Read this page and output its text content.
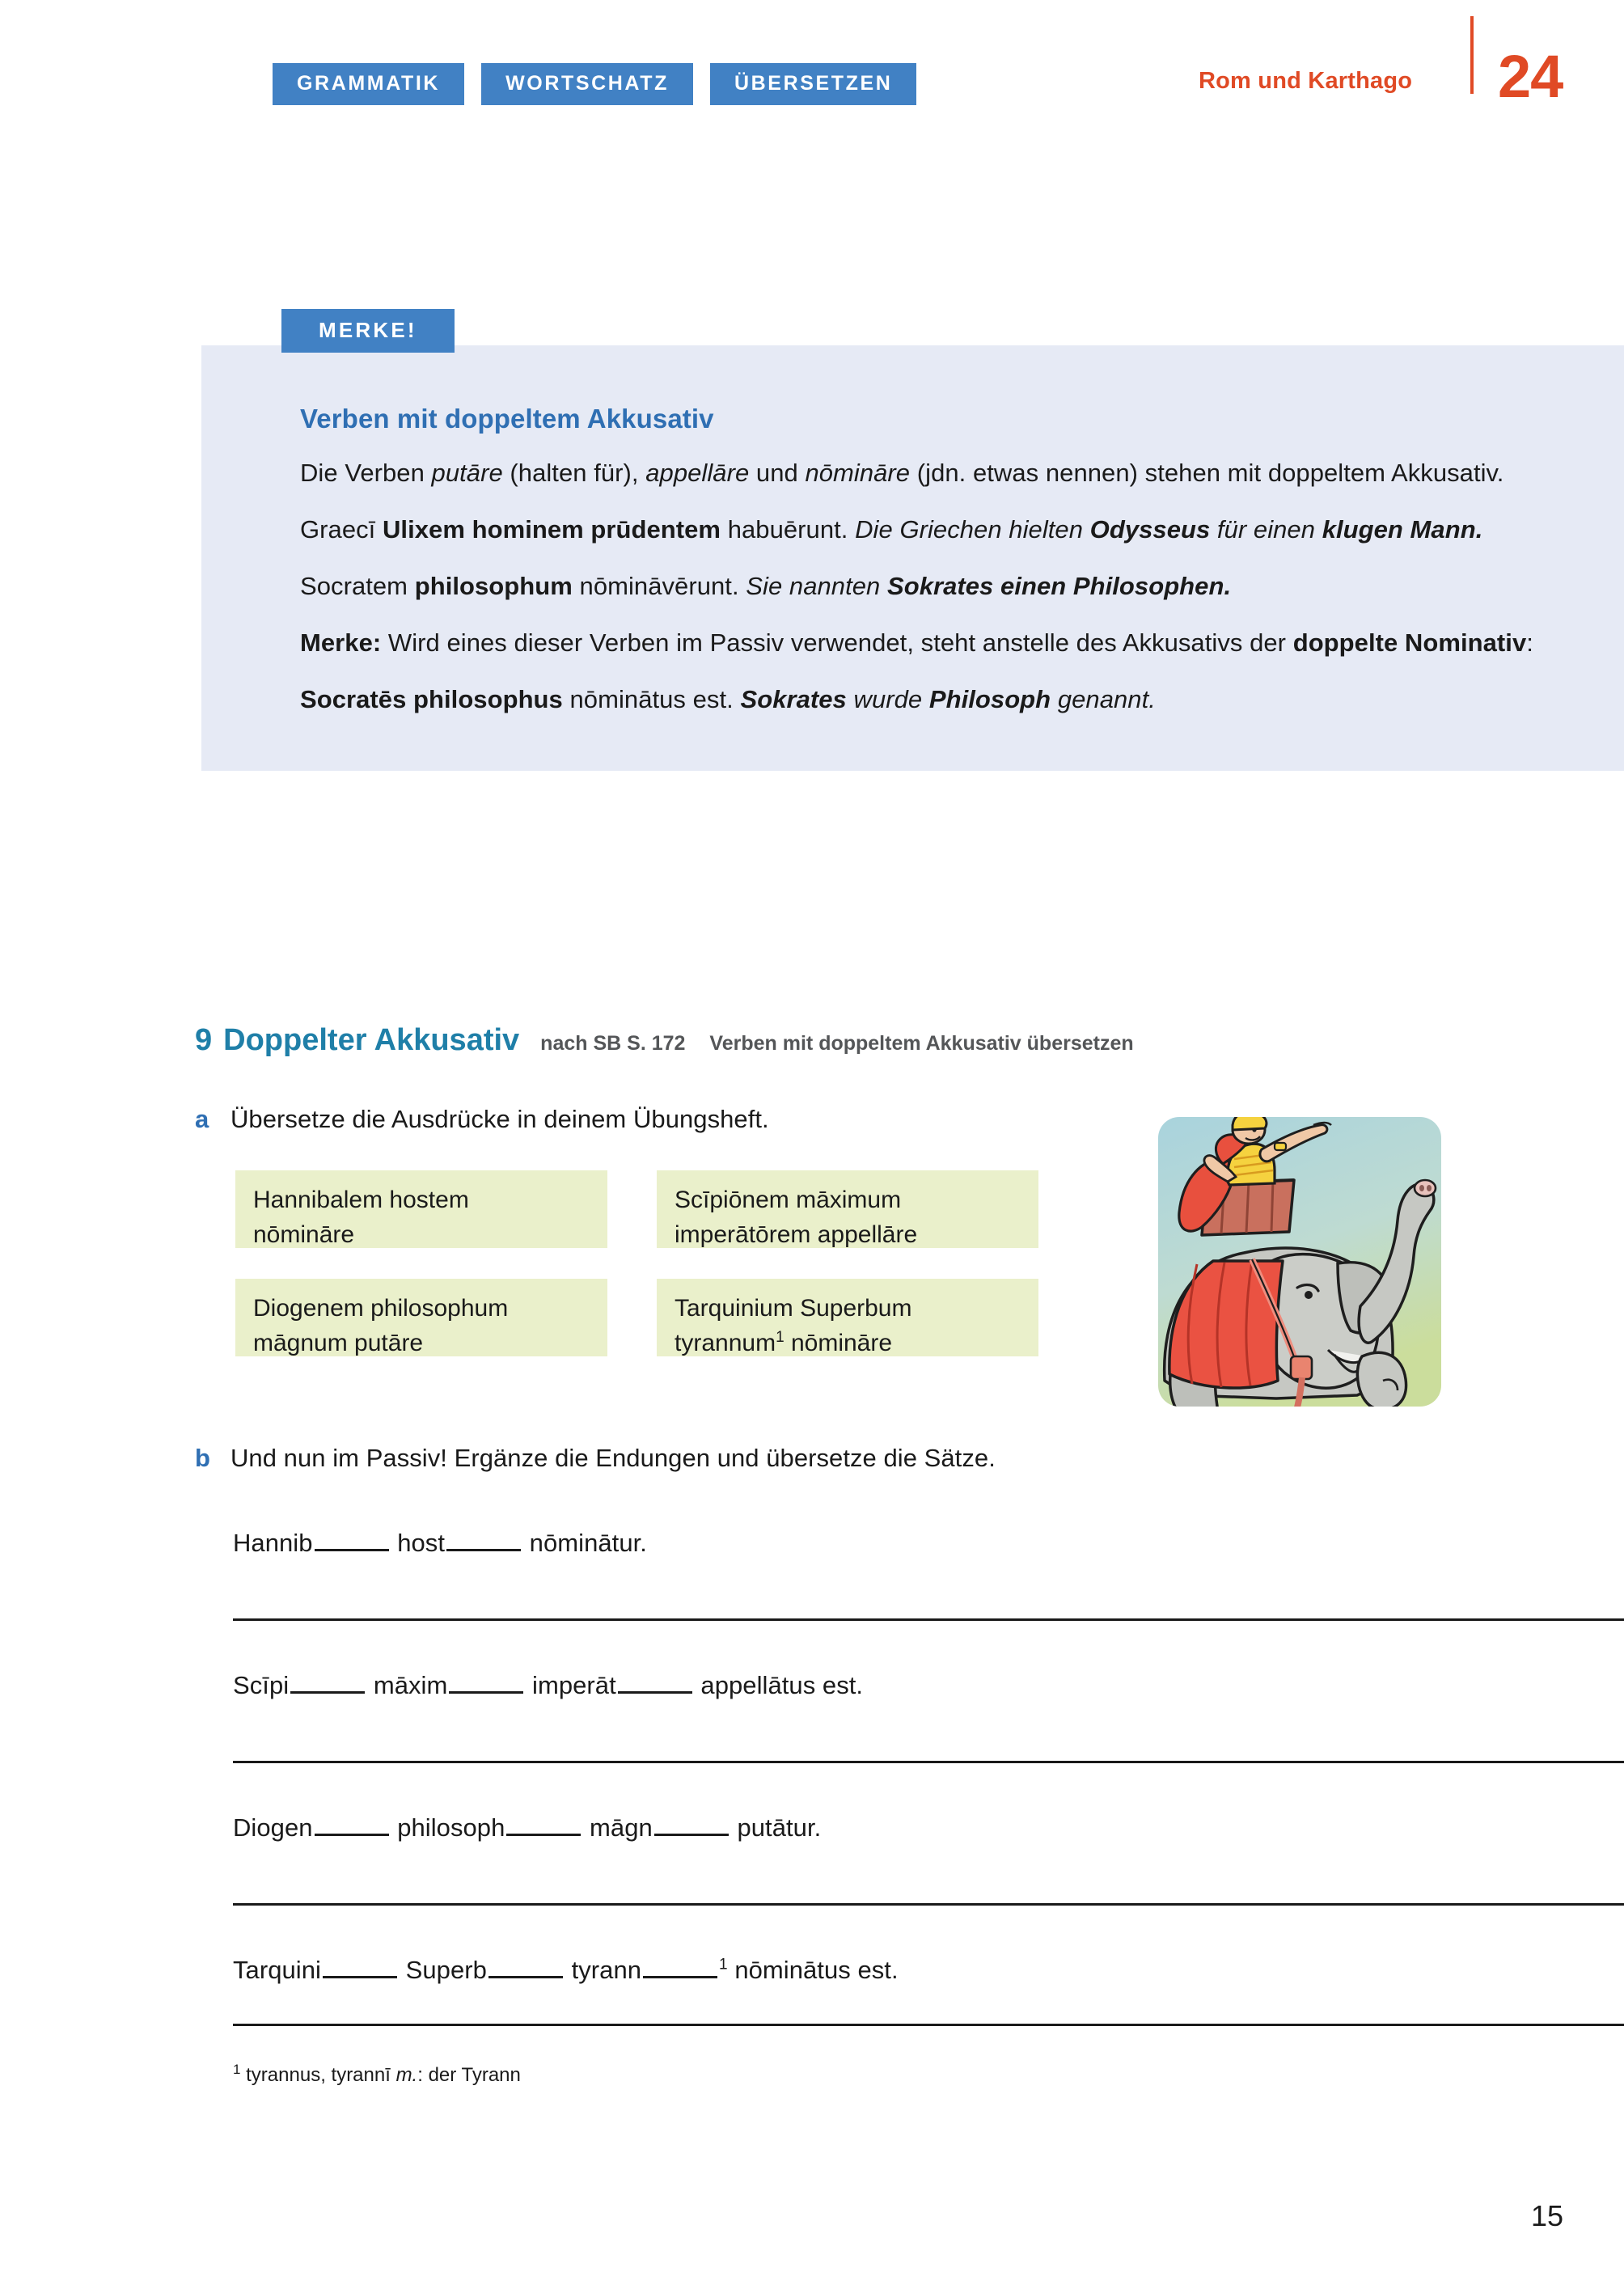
GRAMMATIK	WORTSCHATZ	ÜBERSETZEN	Rom und Karthago 24
Verben mit doppeltem Akkusativ
Die Verben putāre (halten für), appellāre und nōmināre (jdn. etwas nennen) stehen mit doppeltem Akkusativ.
Graecī Ulixem hominem prūdentem habuērunt. Die Griechen hielten Odysseus für einen klugen Mann.
Socratem philosophum nōmināvērunt. Sie nannten Sokrates einen Philosophen.
Merke: Wird eines dieser Verben im Passiv verwendet, steht anstelle des Akkusativs der doppelte Nominativ:
Socratēs philosophus nōminātus est. Sokrates wurde Philosoph genannt.
MERKE!
9 Doppelter Akkusativ nach SB S. 172 Verben mit doppeltem Akkusativ übersetzen
a Übersetze die Ausdrücke in deinem Übungsheft.
Hannibalem hostem
nōmināre
Scīpiōnem māximum
imperātōrem appellāre
Diogenem philosophum
māgnum putāre
Tarquinium Superbum
tyrannum$^1$ nōmināre
b Und nun im Passiv! Ergänze die Endungen und übersetze die Sätze.
Hannib	host	nōminātur.
Scīpi	māxim	imperāt	appellātus est.
Diogen	philosoph	māgn	putātur.
Tarquini	Superb	tyrann	$^1$ nōminātus est.
$^1$ tyrannus, tyrannī m.: der Tyrann
15
